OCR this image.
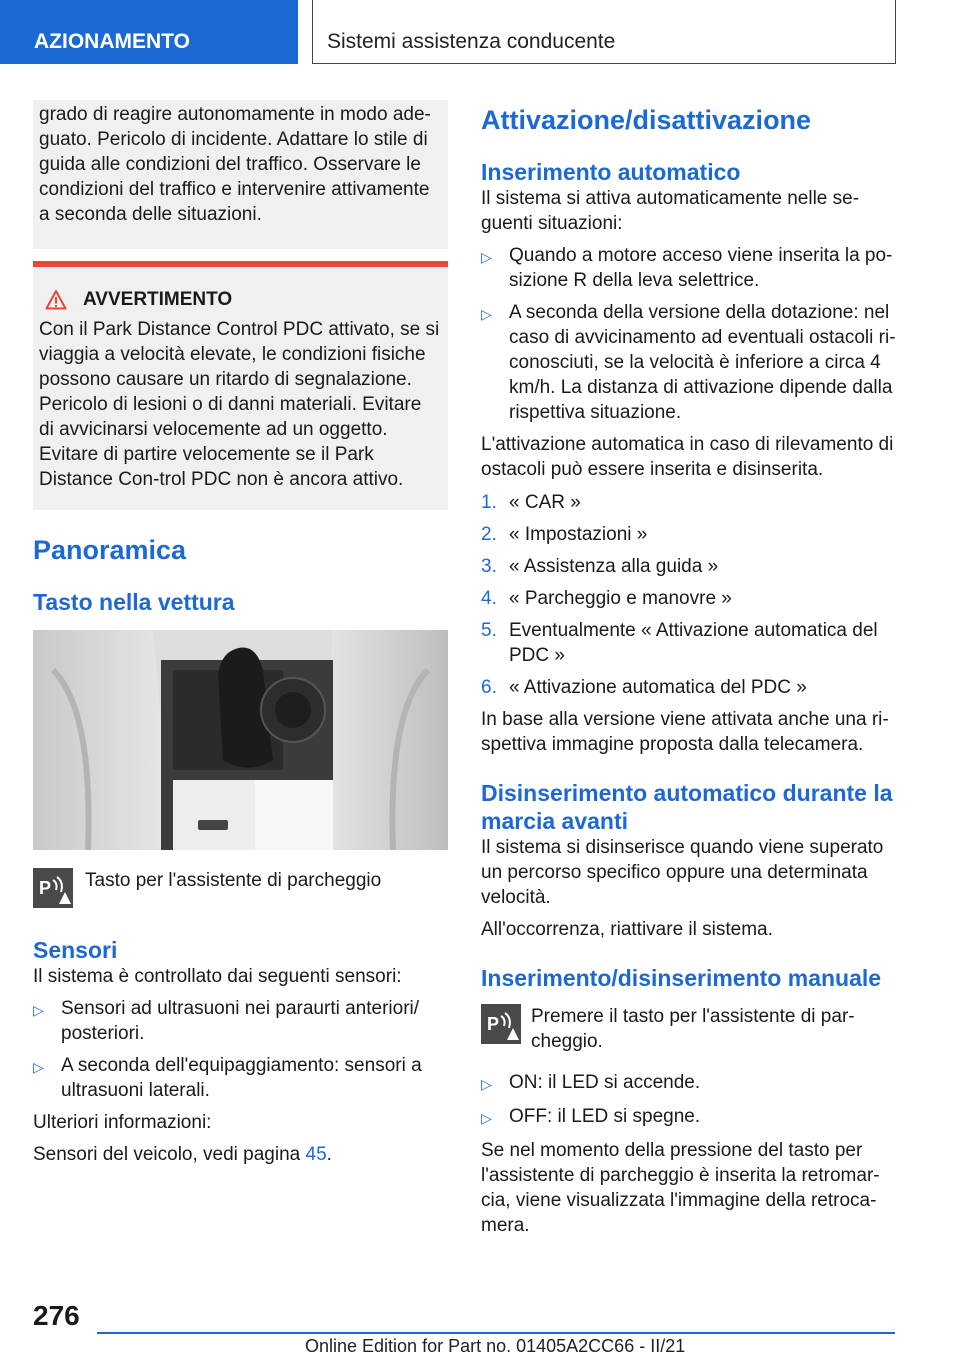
AZIONAMENTO	Sistemi assistenza conducente

grado di reagire autonomamente in modo ade-guato. Pericolo di incidente. Adattare lo stile di guida alle condizioni del traffico. Osservare le condizioni del traffico e intervenire attivamente a seconda delle situazioni.

AVVERTIMENTO

Con il Park Distance Control PDC attivato, se si viaggia a velocità elevate, le condizioni fisiche possono causare un ritardo di segnalazione. Pericolo di lesioni o di danni materiali. Evitare di avvicinarsi velocemente ad un oggetto. Evitare di partire velocemente se il Park Distance Con-trol PDC non è ancora attivo.

Panoramica
Tasto nella vettura
P Tasto per l'assistente di parcheggio

Sensori

Il sistema è controllato dai seguenti sensori:

▷ Sensori ad ultrasuoni nei paraurti anteriori/ posteriori.
▷ A seconda dell'equipaggiamento: sensori a ultrasuoni laterali.

Ulteriori informazioni:

Sensori del veicolo, vedi pagina 45.

Attivazione/disattivazione
Inserimento automatico

Il sistema si attiva automaticamente nelle se-guenti situazioni:

▷ Quando a motore acceso viene inserita la po-sizione R della leva selettrice.
▷ A seconda della versione della dotazione: nel caso di avvicinamento ad eventuali ostacoli ri-conosciuti, se la velocità è inferiore a circa 4 km/h. La distanza di attivazione dipende dalla rispettiva situazione.

L'attivazione automatica in caso di rilevamento di ostacoli può essere inserita e disinserita.

1. « CAR »
2. « Impostazioni »
3. « Assistenza alla guida »
4. « Parcheggio e manovre »
5. Eventualmente « Attivazione automatica del PDC »
6. « Attivazione automatica del PDC »

In base alla versione viene attivata anche una ri-spettiva immagine proposta dalla telecamera.

Disinserimento automatico durante la marcia avanti

Il sistema si disinserisce quando viene superato un percorso specifico oppure una determinata velocità.

All'occorrenza, riattivare il sistema.

Inserimento/disinserimento manuale
P Premere il tasto per l'assistente di par-cheggio.

▷ ON: il LED si accende.
▷ OFF: il LED si spegne.

Se nel momento della pressione del tasto per l'assistente di parcheggio è inserita la retromar-cia, viene visualizzata l'immagine della retroca-mera.

276
Online Edition for Part no. 01405A2CC66 - II/21
